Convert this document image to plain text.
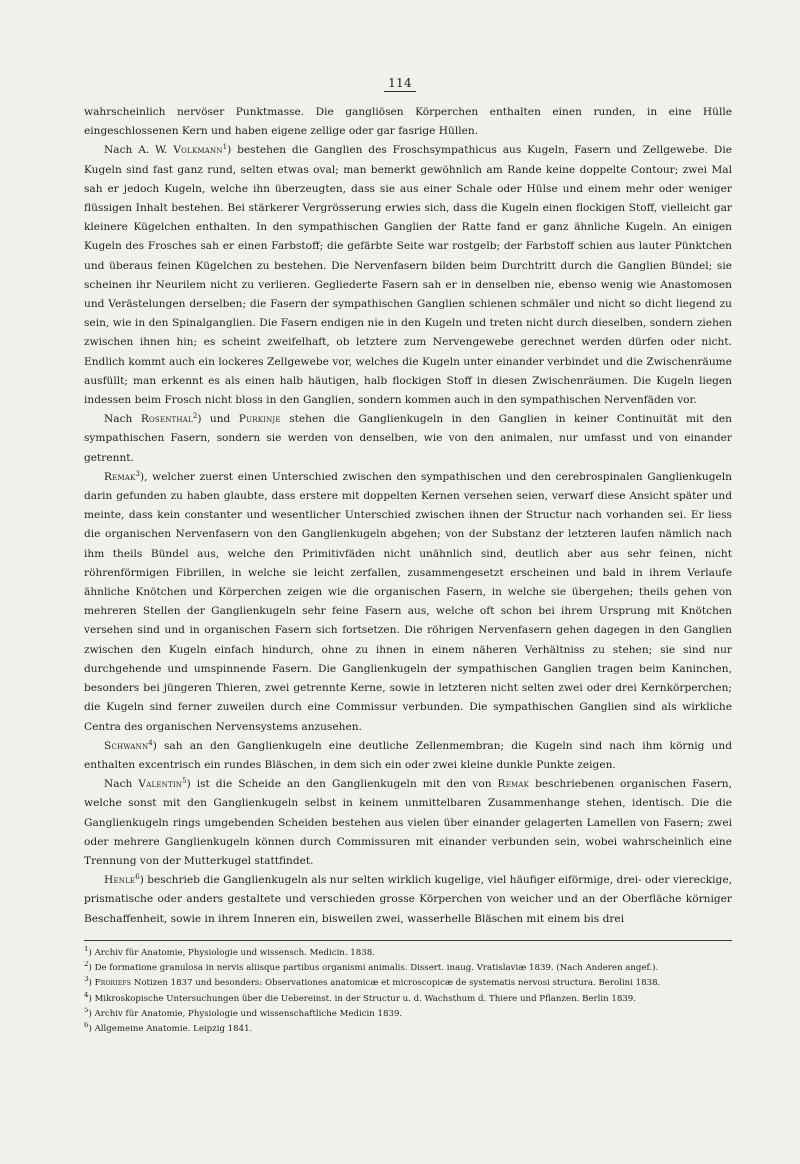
114

wahrscheinlich nervöser Punktmasse. Die gangliösen Körperchen enthalten einen runden, in eine Hülle eingeschlossenen Kern und haben eigene zellige oder gar fasrige Hüllen.

Nach A. W. Volkmann$^1$) bestehen die Ganglien des Froschsympathicus aus Kugeln, Fasern und Zellgewebe. Die Kugeln sind fast ganz rund, selten etwas oval; man bemerkt gewöhnlich am Rande keine doppelte Contour; zwei Mal sah er jedoch Kugeln, welche ihn überzeugten, dass sie aus einer Schale oder Hülse und einem mehr oder weniger flüssigen Inhalt bestehen. Bei stärkerer Vergrösserung erwies sich, dass die Kugeln einen flockigen Stoff, vielleicht gar kleinere Kügelchen enthalten. In den sympathischen Ganglien der Ratte fand er ganz ähnliche Kugeln. An einigen Kugeln des Frosches sah er einen Farbstoff; die gefärbte Seite war rostgelb; der Farbstoff schien aus lauter Pünktchen und überaus feinen Kügelchen zu bestehen. Die Nervenfasern bilden beim Durchtritt durch die Ganglien Bündel; sie scheinen ihr Neurilem nicht zu verlieren. Gegliederte Fasern sah er in denselben nie, ebenso wenig wie Anastomosen und Verästelungen derselben; die Fasern der sympathischen Ganglien schienen schmäler und nicht so dicht liegend zu sein, wie in den Spinalganglien. Die Fasern endigen nie in den Kugeln und treten nicht durch dieselben, sondern ziehen zwischen ihnen hin; es scheint zweifelhaft, ob letztere zum Nervengewebe gerechnet werden dürfen oder nicht. Endlich kommt auch ein lockeres Zellgewebe vor, welches die Kugeln unter einander verbindet und die Zwischenräume ausfüllt; man erkennt es als einen halb häutigen, halb flockigen Stoff in diesen Zwischenräumen. Die Kugeln liegen indessen beim Frosch nicht bloss in den Ganglien, sondern kommen auch in den sympathischen Nervenfäden vor.

Nach Rosenthal$^2$) und Purkinje stehen die Ganglienkugeln in den Ganglien in keiner Continuität mit den sympathischen Fasern, sondern sie werden von denselben, wie von den animalen, nur umfasst und von einander getrennt.

Remak$^3$), welcher zuerst einen Unterschied zwischen den sympathischen und den cerebrospinalen Ganglienkugeln darin gefunden zu haben glaubte, dass erstere mit doppelten Kernen versehen seien, verwarf diese Ansicht später und meinte, dass kein constanter und wesentlicher Unterschied zwischen ihnen der Structur nach vorhanden sei. Er liess die organischen Nervenfasern von den Ganglienkugeln abgehen; von der Substanz der letzteren laufen nämlich nach ihm theils Bündel aus, welche den Primitivfäden nicht unähnlich sind, deutlich aber aus sehr feinen, nicht röhrenförmigen Fibrillen, in welche sie leicht zerfallen, zusammengesetzt erscheinen und bald in ihrem Verlaufe ähnliche Knötchen und Körperchen zeigen wie die organischen Fasern, in welche sie übergehen; theils gehen von mehreren Stellen der Ganglienkugeln sehr feine Fasern aus, welche oft schon bei ihrem Ursprung mit Knötchen versehen sind und in organischen Fasern sich fortsetzen. Die röhrigen Nervenfasern gehen dagegen in den Ganglien zwischen den Kugeln einfach hindurch, ohne zu ihnen in einem näheren Verhältniss zu stehen; sie sind nur durchgehende und umspinnende Fasern. Die Ganglienkugeln der sympathischen Ganglien tragen beim Kaninchen, besonders bei jüngeren Thieren, zwei getrennte Kerne, sowie in letzteren nicht selten zwei oder drei Kernkörperchen; die Kugeln sind ferner zuweilen durch eine Commissur verbunden. Die sympathischen Ganglien sind als wirkliche Centra des organischen Nervensystems anzusehen.

Schwann$^4$) sah an den Ganglienkugeln eine deutliche Zellenmembran; die Kugeln sind nach ihm körnig und enthalten excentrisch ein rundes Bläschen, in dem sich ein oder zwei kleine dunkle Punkte zeigen.

Nach Valentin$^5$) ist die Scheide an den Ganglienkugeln mit den von Remak beschriebenen organischen Fasern, welche sonst mit den Ganglienkugeln selbst in keinem unmittelbaren Zusammenhange stehen, identisch. Die die Ganglienkugeln rings umgebenden Scheiden bestehen aus vielen über einander gelagerten Lamellen von Fasern; zwei oder mehrere Ganglienkugeln können durch Commissuren mit einander verbunden sein, wobei wahrscheinlich eine Trennung von der Mutterkugel stattfindet.

Henle$^6$) beschrieb die Ganglienkugeln als nur selten wirklich kugelige, viel häufiger eiförmige, drei- oder viereckige, prismatische oder anders gestaltete und verschieden grosse Körperchen von weicher und an der Oberfläche körniger Beschaffenheit, sowie in ihrem Inneren ein, bisweilen zwei, wasserhelle Bläschen mit einem bis drei

$^1$) Archiv für Anatomie, Physiologie und wissensch. Medicin. 1838.
$^2$) De formatione granulosa in nervis aliisque partibus organismi animalis. Dissert. inaug. Vratislaviæ 1839. (Nach Anderen angef.).
$^3$) Froriefs Notizen 1837 und besonders: Observationes anatomicæ et microscopicæ de systematis nervosi structura. Berolini 1838.
$^4$) Mikroskopische Untersuchungen über die Uebereinst. in der Structur u. d. Wachsthum d. Thiere und Pflanzen. Berlin 1839.
$^5$) Archiv für Anatomie, Physiologie und wissenschaftliche Medicin 1839.
$^6$) Allgemeine Anatomie. Leipzig 1841.
